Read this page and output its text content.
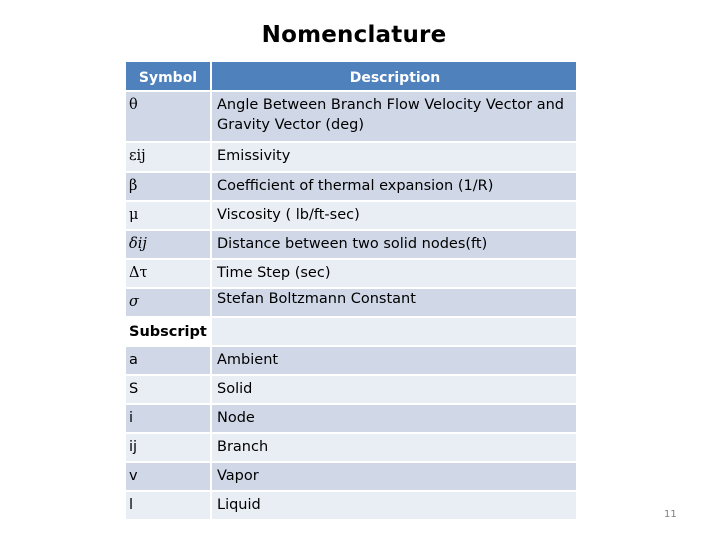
Nomenclature
Symbol	Description
θ	Angle Between Branch Flow Velocity Vector and Gravity Vector (deg)
εij	Emissivity
β	Coefficient of thermal expansion (1/R)
μ	Viscosity ( lb/ft-sec)
δij	Distance between two solid nodes(ft)
Δτ	Time Step (sec)
σ	Stefan Boltzmann Constant
Subscript
a	Ambient
S	Solid
i	Node
ij	Branch
v	Vapor
l	Liquid
11
